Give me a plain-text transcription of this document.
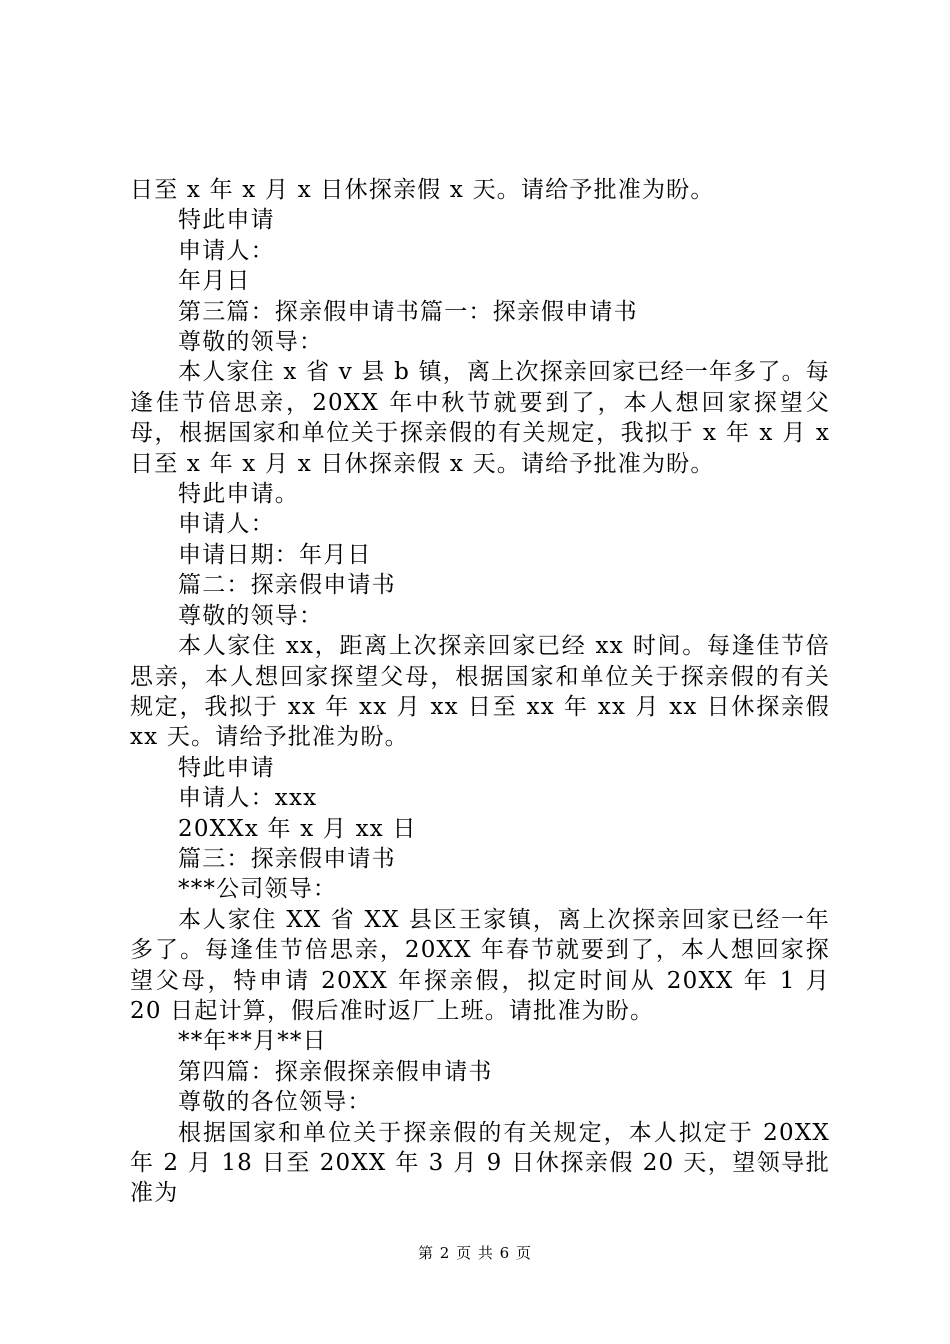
日至 x 年 x 月 x 日休探亲假 x 天。请给予批准为盼。

特此申请

申请人：

年月日

第三篇：探亲假申请书篇一：探亲假申请书

尊敬的领导：

本人家住 x 省 v 县 b 镇，离上次探亲回家已经一年多了。每逢佳节倍思亲，20XX 年中秋节就要到了，本人想回家探望父母，根据国家和单位关于探亲假的有关规定，我拟于 x 年 x 月 x 日至 x 年 x 月 x 日休探亲假 x 天。请给予批准为盼。

特此申请。

申请人：

申请日期：年月日

篇二：探亲假申请书

尊敬的领导：

本人家住 xx，距离上次探亲回家已经 xx 时间。每逢佳节倍思亲，本人想回家探望父母，根据国家和单位关于探亲假的有关规定，我拟于 xx 年 xx 月 xx 日至 xx 年 xx 月 xx 日休探亲假 xx 天。请给予批准为盼。

特此申请

申请人：xxx

20XXx 年 x 月 xx 日

篇三：探亲假申请书

***公司领导：

本人家住 XX 省 XX 县区王家镇，离上次探亲回家已经一年多了。每逢佳节倍思亲，20XX 年春节就要到了，本人想回家探望父母，特申请 20XX 年探亲假，拟定时间从 20XX 年 1 月 20 日起计算，假后准时返厂上班。请批准为盼。

**年**月**日

第四篇：探亲假探亲假申请书

尊敬的各位领导：

根据国家和单位关于探亲假的有关规定，本人拟定于 20XX 年 2 月 18 日至 20XX 年 3 月 9 日休探亲假 20 天，望领导批准为

第 2 页 共 6 页
